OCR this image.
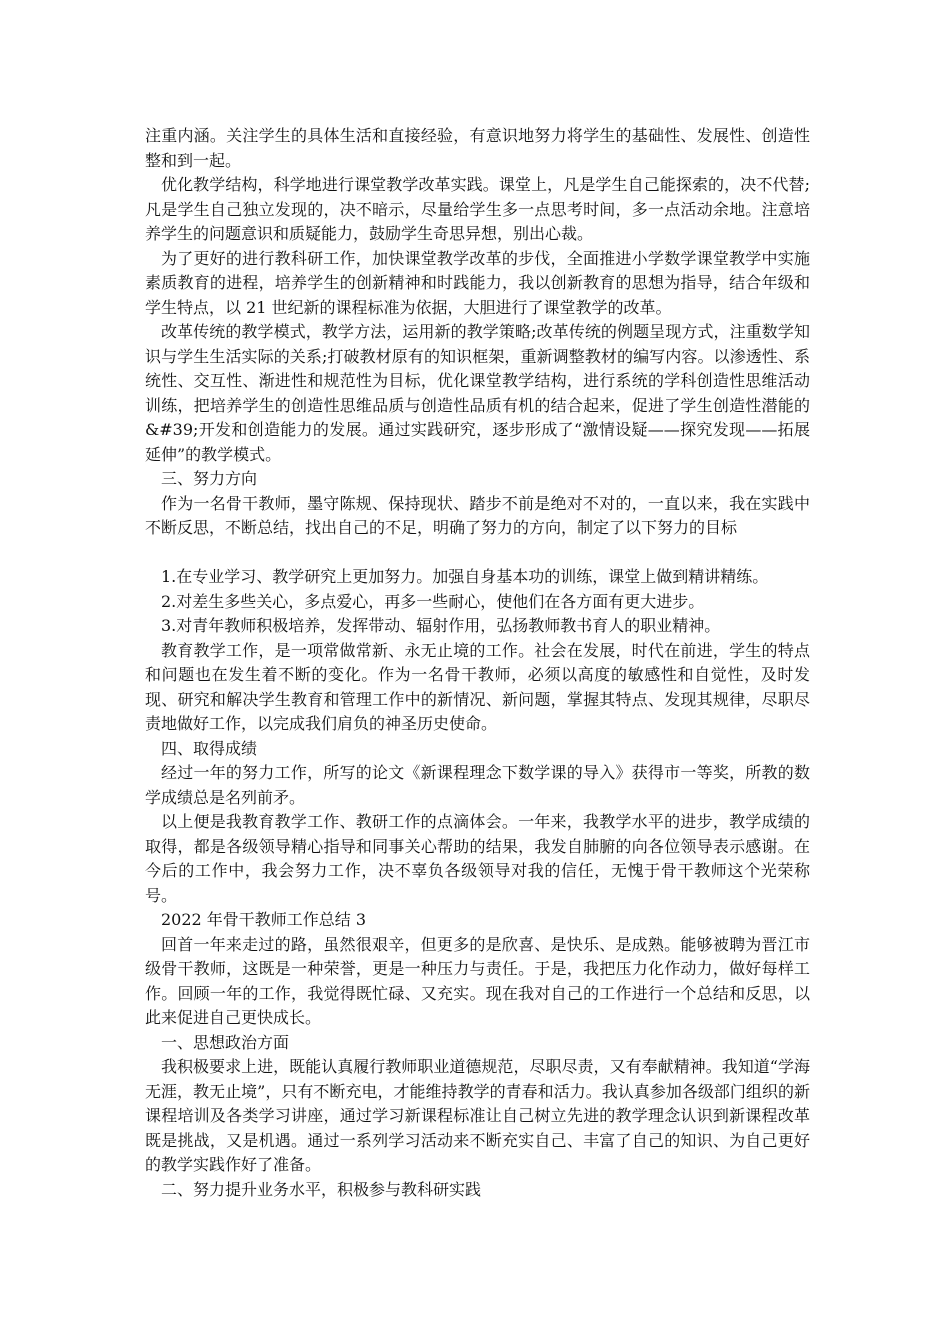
注重内涵。关注学生的具体生活和直接经验，有意识地努力将学生的基础性、发展性、创造性整和到一起。

优化教学结构，科学地进行课堂教学改革实践。课堂上，凡是学生自己能探索的，决不代替;凡是学生自己独立发现的，决不暗示，尽量给学生多一点思考时间，多一点活动余地。注意培养学生的问题意识和质疑能力，鼓励学生奇思异想，别出心裁。

为了更好的进行教科研工作，加快课堂教学改革的步伐，全面推进小学数学课堂教学中实施素质教育的进程，培养学生的创新精神和时践能力，我以创新教育的思想为指导，结合年级和学生特点，以 21 世纪新的课程标准为依据，大胆进行了课堂教学的改革。

改革传统的教学模式，教学方法，运用新的教学策略;改革传统的例题呈现方式，注重数学知识与学生生活实际的关系;打破教材原有的知识框架，重新调整教材的编写内容。以渗透性、系统性、交互性、渐进性和规范性为目标，优化课堂教学结构，进行系统的学科创造性思维活动训练，把培养学生的创造性思维品质与创造性品质有机的结合起来，促进了学生创造性潜能的&#39;开发和创造能力的发展。通过实践研究，逐步形成了“激情设疑——探究发现——拓展延伸”的教学模式。

三、努力方向

作为一名骨干教师，墨守陈规、保持现状、踏步不前是绝对不对的，一直以来，我在实践中不断反思，不断总结，找出自己的不足，明确了努力的方向，制定了以下努力的目标

1.在专业学习、教学研究上更加努力。加强自身基本功的训练，课堂上做到精讲精练。

2.对差生多些关心，多点爱心，再多一些耐心，使他们在各方面有更大进步。

3.对青年教师积极培养，发挥带动、辐射作用，弘扬教师教书育人的职业精神。

教育教学工作，是一项常做常新、永无止境的工作。社会在发展，时代在前进，学生的特点和问题也在发生着不断的变化。作为一名骨干教师，必须以高度的敏感性和自觉性，及时发现、研究和解决学生教育和管理工作中的新情况、新问题，掌握其特点、发现其规律，尽职尽责地做好工作，以完成我们肩负的神圣历史使命。

四、取得成绩

经过一年的努力工作，所写的论文《新课程理念下数学课的导入》获得市一等奖，所教的数学成绩总是名列前矛。

以上便是我教育教学工作、教研工作的点滴体会。一年来，我教学水平的进步，教学成绩的取得，都是各级领导精心指导和同事关心帮助的结果，我发自肺腑的向各位领导表示感谢。在今后的工作中，我会努力工作，决不辜负各级领导对我的信任，无愧于骨干教师这个光荣称号。

2022 年骨干教师工作总结 3

回首一年来走过的路，虽然很艰辛，但更多的是欣喜、是快乐、是成熟。能够被聘为晋江市级骨干教师，这既是一种荣誉，更是一种压力与责任。于是，我把压力化作动力，做好每样工作。回顾一年的工作，我觉得既忙碌、又充实。现在我对自己的工作进行一个总结和反思，以此来促进自己更快成长。

一、思想政治方面

我积极要求上进，既能认真履行教师职业道德规范，尽职尽责，又有奉献精神。我知道“学海无涯，教无止境”，只有不断充电，才能维持教学的青春和活力。我认真参加各级部门组织的新课程培训及各类学习讲座，通过学习新课程标准让自己树立先进的教学理念认识到新课程改革既是挑战，又是机遇。通过一系列学习活动来不断充实自己、丰富了自己的知识、为自己更好的教学实践作好了准备。

二、努力提升业务水平，积极参与教科研实践
